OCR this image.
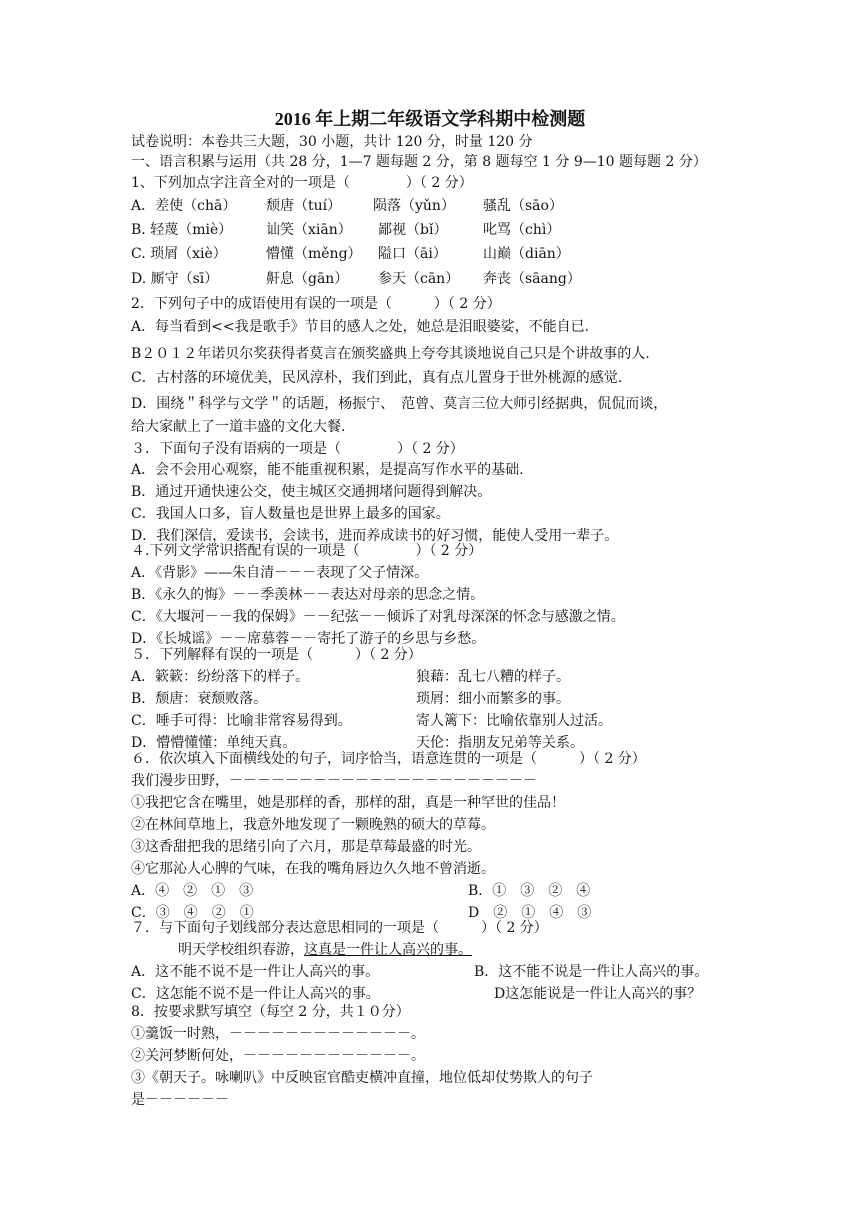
2016 年上期二年级语文学科期中检测题
试卷说明：本卷共三大题，30 小题，共计 120 分，时量 120 分
一、语言积累与运用（共 28 分，1—7 题每题 2 分，第 8 题每空 1 分 9—10 题每题 2 分）
1、下列加点字注音全对的一项是（　　　　）（ 2 分）
A．差使（chā） 颓唐（tuí） 陨落（yǔn） 骚乱（sāo）
B. 轻蔑（miè） 讪笑（xiān） 鄙视（bǐ）	叱骂（chì）
C. 琐屑（xiè）	懵懂（měng） 隘口（āi）	山巅（diān）
D. 厮守（sī）	鼾息（gān） 参天（cān） 奔丧（sāang）
2．下列句子中的成语使用有误的一项是（　　　）（ 2 分）
A．每当看到<<我是歌手》节目的感人之处，她总是泪眼婆娑，不能自已.
B２０１２年诺贝尔奖获得者莫言在颁奖盛典上夸夸其谈地说自己只是个讲故事的人.
C．古村落的环境优美，民风淳朴，我们到此，真有点儿置身于世外桃源的感觉.
D．围绕＂科学与文学＂的话题，杨振宁、　范曾、莫言三位大师引经据典，侃侃而谈，
给大家献上了一道丰盛的文化大餐.
３．下面句子没有语病的一项是（　　　　）（ 2 分）
A．会不会用心观察，能不能重视积累，是提高写作水平的基础.
B．通过开通快速公交，使主城区交通拥堵问题得到解决。
C．我国人口多，盲人数量也是世界上最多的国家。
D．我们深信，爱读书，会读书，进而养成读书的好习惯，能使人受用一辈子。
４.下列文学常识搭配有误的一项是（　　　　）（ 2 分）
A．《背影》——朱自清－－－表现了父子情深。
B．《永久的悔》－－季羡林－－表达对母亲的思念之情。
C．《大堰河－－我的保姆》－－纪弦－－倾诉了对乳母深深的怀念与感激之情。
D．《长城谣》－－席慕蓉－－寄托了游子的乡思与乡愁。
５．下列解释有误的一项是（　　　）（ 2 分）
A．簌簌：纷纷落下的样子。	狼藉：乱七八糟的样子。
B．颓唐：衰颓败落。	琐屑：细小而繁多的事。
C．唾手可得：比喻非常容易得到。	寄人篱下：比喻依靠别人过活。
D．懵懵懂懂：单纯天真。	天伦：指朋友兄弟等关系。
６．依次填入下面横线处的句子，词序恰当，语意连贯的一项是（　　　）（ 2 分）
我们漫步田野，－－－－－－－－－－－－－－－－－－－－－－
①我把它含在嘴里，她是那样的香，那样的甜，真是一种罕世的佳品！
②在林间草地上，我意外地发现了一颗晚熟的硕大的草莓。
③这香甜把我的思绪引向了六月，那是草莓最盛的时光。
④它那沁人心脾的气味，在我的嘴角唇边久久地不曾消逝。
A．④　②　①　③	B．①　③　②　④
C．③　④　②　①	D　②　①　④　③
７．与下面句子划线部分表达意思相同的一项是（　　　）（ 2 分）
明天学校组织春游，这真是一件让人高兴的事。
A．这不能不说不是一件让人高兴的事。	B．这不能不说是一件让人高兴的事。
C．这怎能不说不是一件让人高兴的事。	D这怎能说是一件让人高兴的事？
8．按要求默写填空（每空 2 分，共１０分）
①羹饭一时熟，－－－－－－－－－－－－－。
②关河梦断何处，－－－－－－－－－－－－。
③《朝天子。咏喇叭》中反映宦官酷吏横冲直撞，地位低却仗势欺人的句子
是－－－－－－
